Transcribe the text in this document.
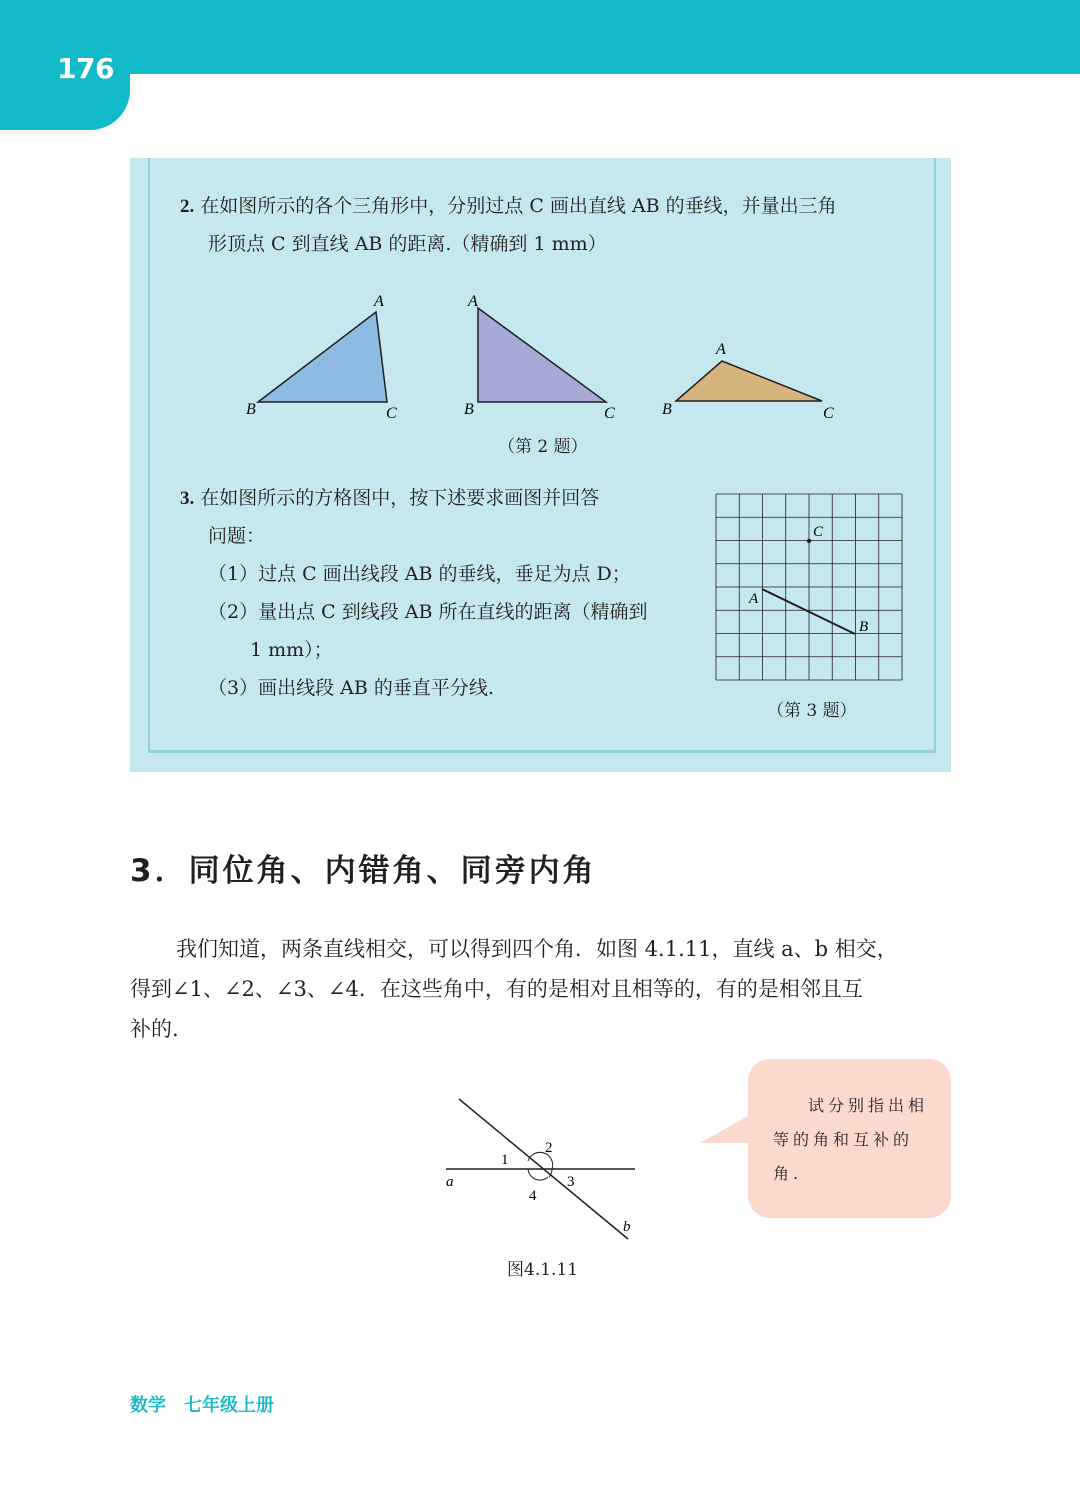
176
2. 在如图所示的各个三角形中，分别过点 C 画出直线 AB 的垂线，并量出三角
形顶点 C 到直线 AB 的距离.（精确到 1 mm）
A
B	C
A
B	C
A
B	C
（第 2 题）
3. 在如图所示的方格图中，按下述要求画图并回答
问题：
（1）过点 C 画出线段 AB 的垂线，垂足为点 D；
（2）量出点 C 到线段 AB 所在直线的距离（精确到
1 mm）；
（3）画出线段 AB 的垂直平分线.
C
A
B
（第 3 题）
3．同位角、内错角、同旁内角
我们知道，两条直线相交，可以得到四个角．如图 4.1.11，直线 a、b 相交，
得到∠1、∠2、∠3、∠4．在这些角中，有的是相对且相等的，有的是相邻且互
补的.
1
2
3
4
a
b
图4.1.11
试分别指出相
等的角和互补的
角.
数学　七年级上册
